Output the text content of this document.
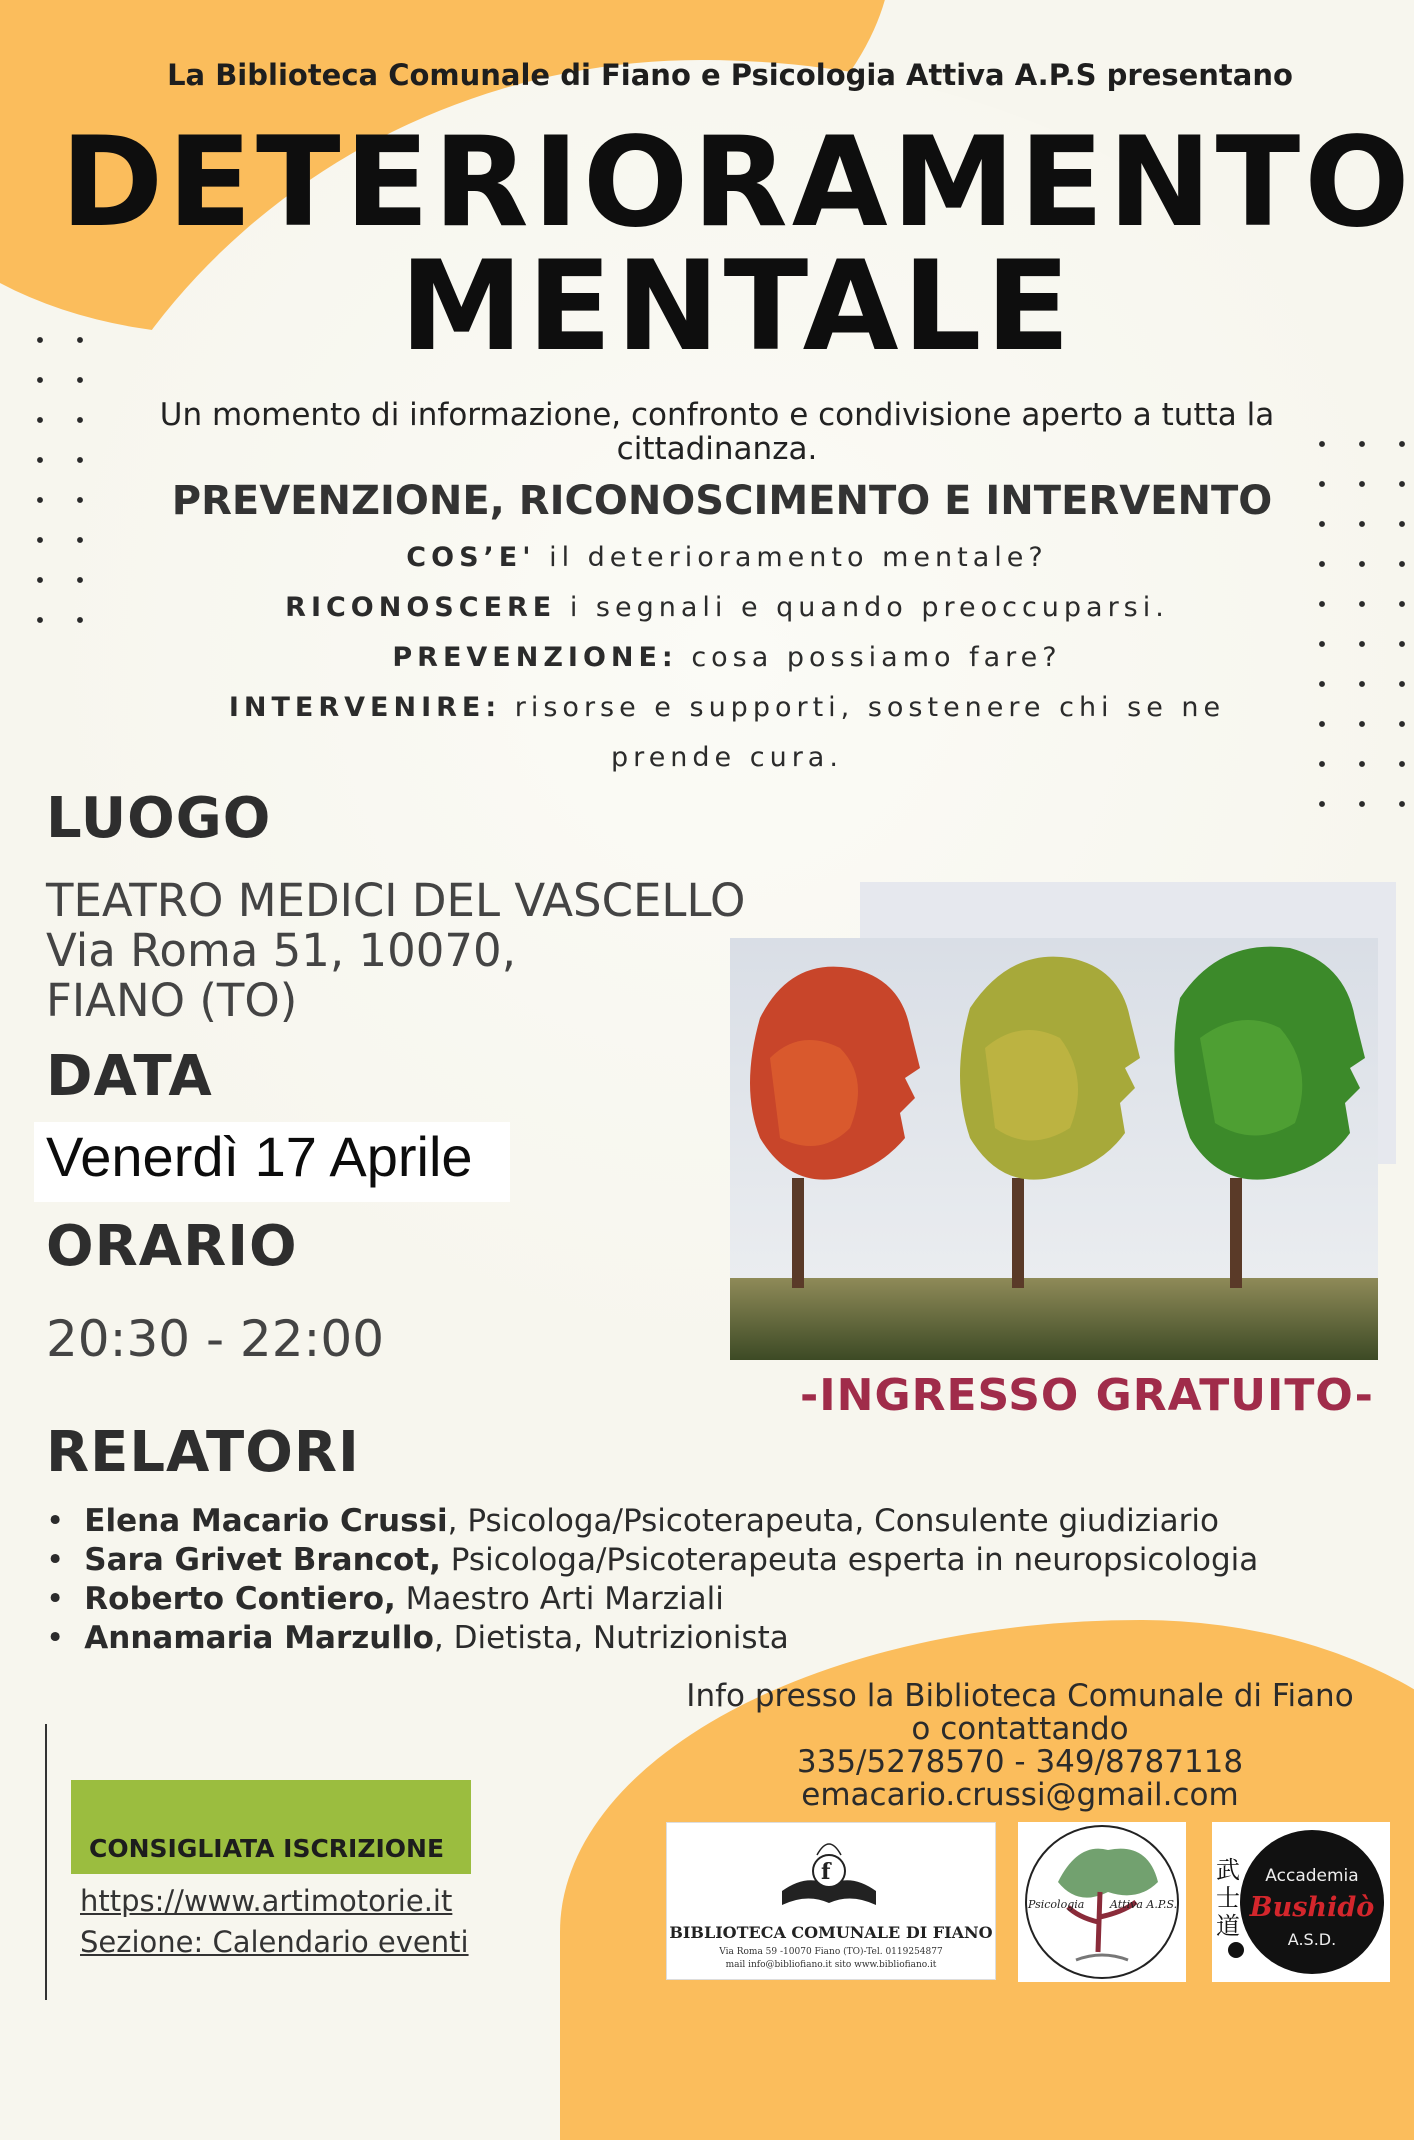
La Biblioteca Comunale di Fiano e Psicologia Attiva A.P.S presentano
DETERIORAMENTO
MENTALE
Un momento di informazione, confronto e condivisione aperto a tutta la cittadinanza.
PREVENZIONE, RICONOSCIMENTO E INTERVENTO
COS’E' il deterioramento mentale?
RICONOSCERE i segnali e quando preoccuparsi.
PREVENZIONE: cosa possiamo fare?
INTERVENIRE: risorse e supporti, sostenere chi se ne
prende cura.
LUOGO
TEATRO MEDICI DEL VASCELLO
Via Roma 51, 10070,
FIANO (TO)
DATA
Venerdì 17 Aprile
ORARIO
20:30 - 22:00
-INGRESSO GRATUITO-
RELATORI
• Elena Macario Crussi, Psicologa/Psicoterapeuta, Consulente giudiziario
• Sara Grivet Brancot, Psicologa/Psicoterapeuta esperta in neuropsicologia
• Roberto Contiero, Maestro Arti Marziali
• Annamaria Marzullo, Dietista, Nutrizionista
Info presso la Biblioteca Comunale di Fiano
o contattando
335/5278570 - 349/8787118
emacario.crussi@gmail.com
CONSIGLIATA ISCRIZIONE
https://www.artimotorie.it
Sezione: Calendario eventi
f
BIBLIOTECA COMUNALE DI FIANO
Via Roma 59 -10070 Fiano (TO)-Tel. 0119254877
mail info@bibliofiano.it sito www.bibliofiano.it
Psicologia Attiva A.P.S.
武
士
道
Accademia
Bushidò
A.S.D.
